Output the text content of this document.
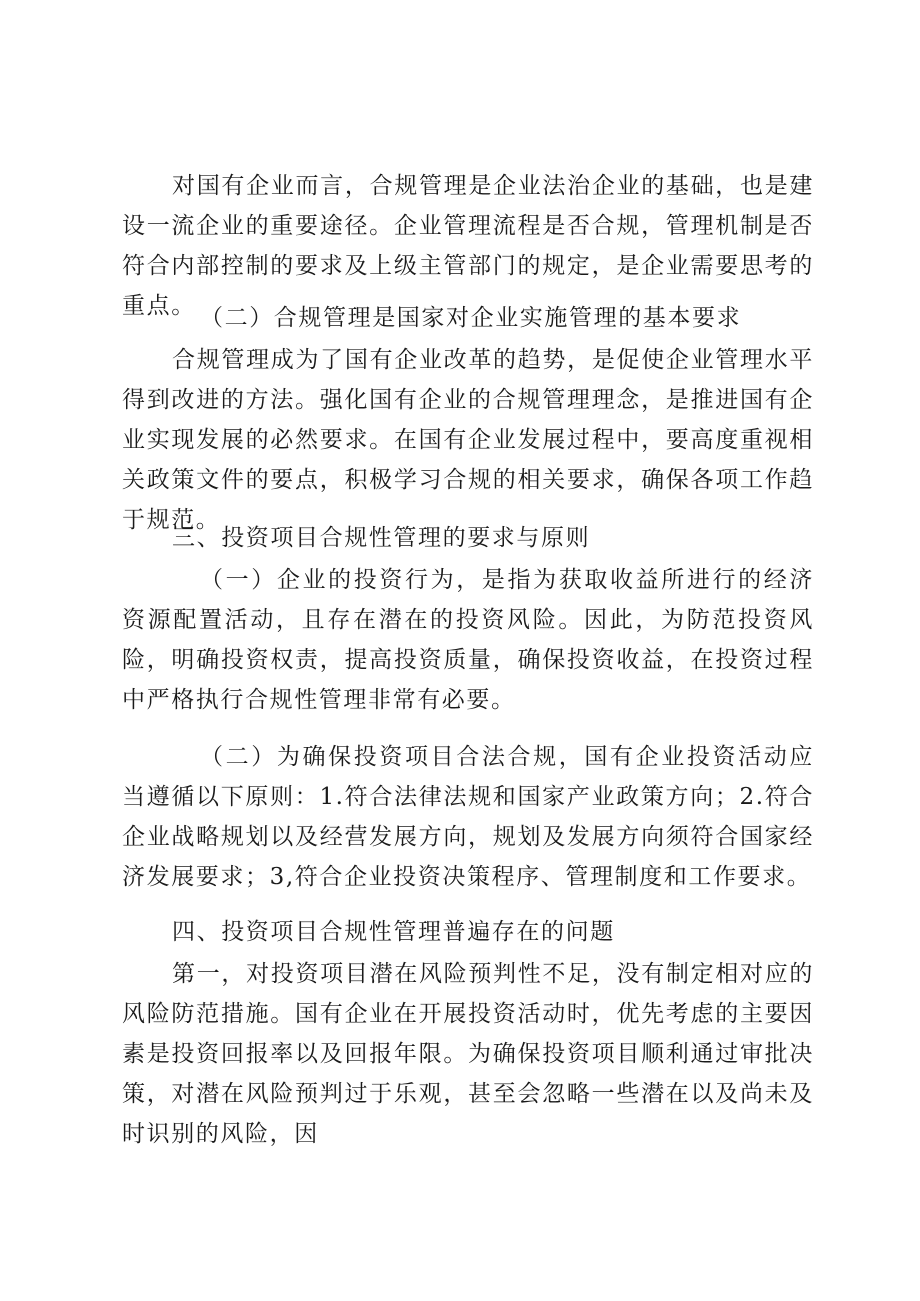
对国有企业而言，合规管理是企业法治企业的基础，也是建设一流企业的重要途径。企业管理流程是否合规，管理机制是否符合内部控制的要求及上级主管部门的规定，是企业需要思考的重点。 （二）合规管理是国家对企业实施管理的基本要求

合规管理成为了国有企业改革的趋势，是促使企业管理水平得到改进的方法。强化国有企业的合规管理理念，是推进国有企业实现发展的必然要求。在国有企业发展过程中，要高度重视相关政策文件的要点，积极学习合规的相关要求，确保各项工作趋于规范。

三、投资项目合规性管理的要求与原则

（一）企业的投资行为，是指为获取收益所进行的经济资源配置活动，且存在潜在的投资风险。因此，为防范投资风险，明确投资权责，提高投资质量，确保投资收益，在投资过程中严格执行合规性管理非常有必要。

（二）为确保投资项目合法合规，国有企业投资活动应当遵循以下原则：1.符合法律法规和国家产业政策方向；2.符合企业战略规划以及经营发展方向，规划及发展方向须符合国家经济发展要求；3,符合企业投资决策程序、管理制度和工作要求。

四、投资项目合规性管理普遍存在的问题

第一，对投资项目潜在风险预判性不足，没有制定相对应的风险防范措施。国有企业在开展投资活动时，优先考虑的主要因素是投资回报率以及回报年限。为确保投资项目顺利通过审批决策，对潜在风险预判过于乐观，甚至会忽略一些潜在以及尚未及时识别的风险，因
